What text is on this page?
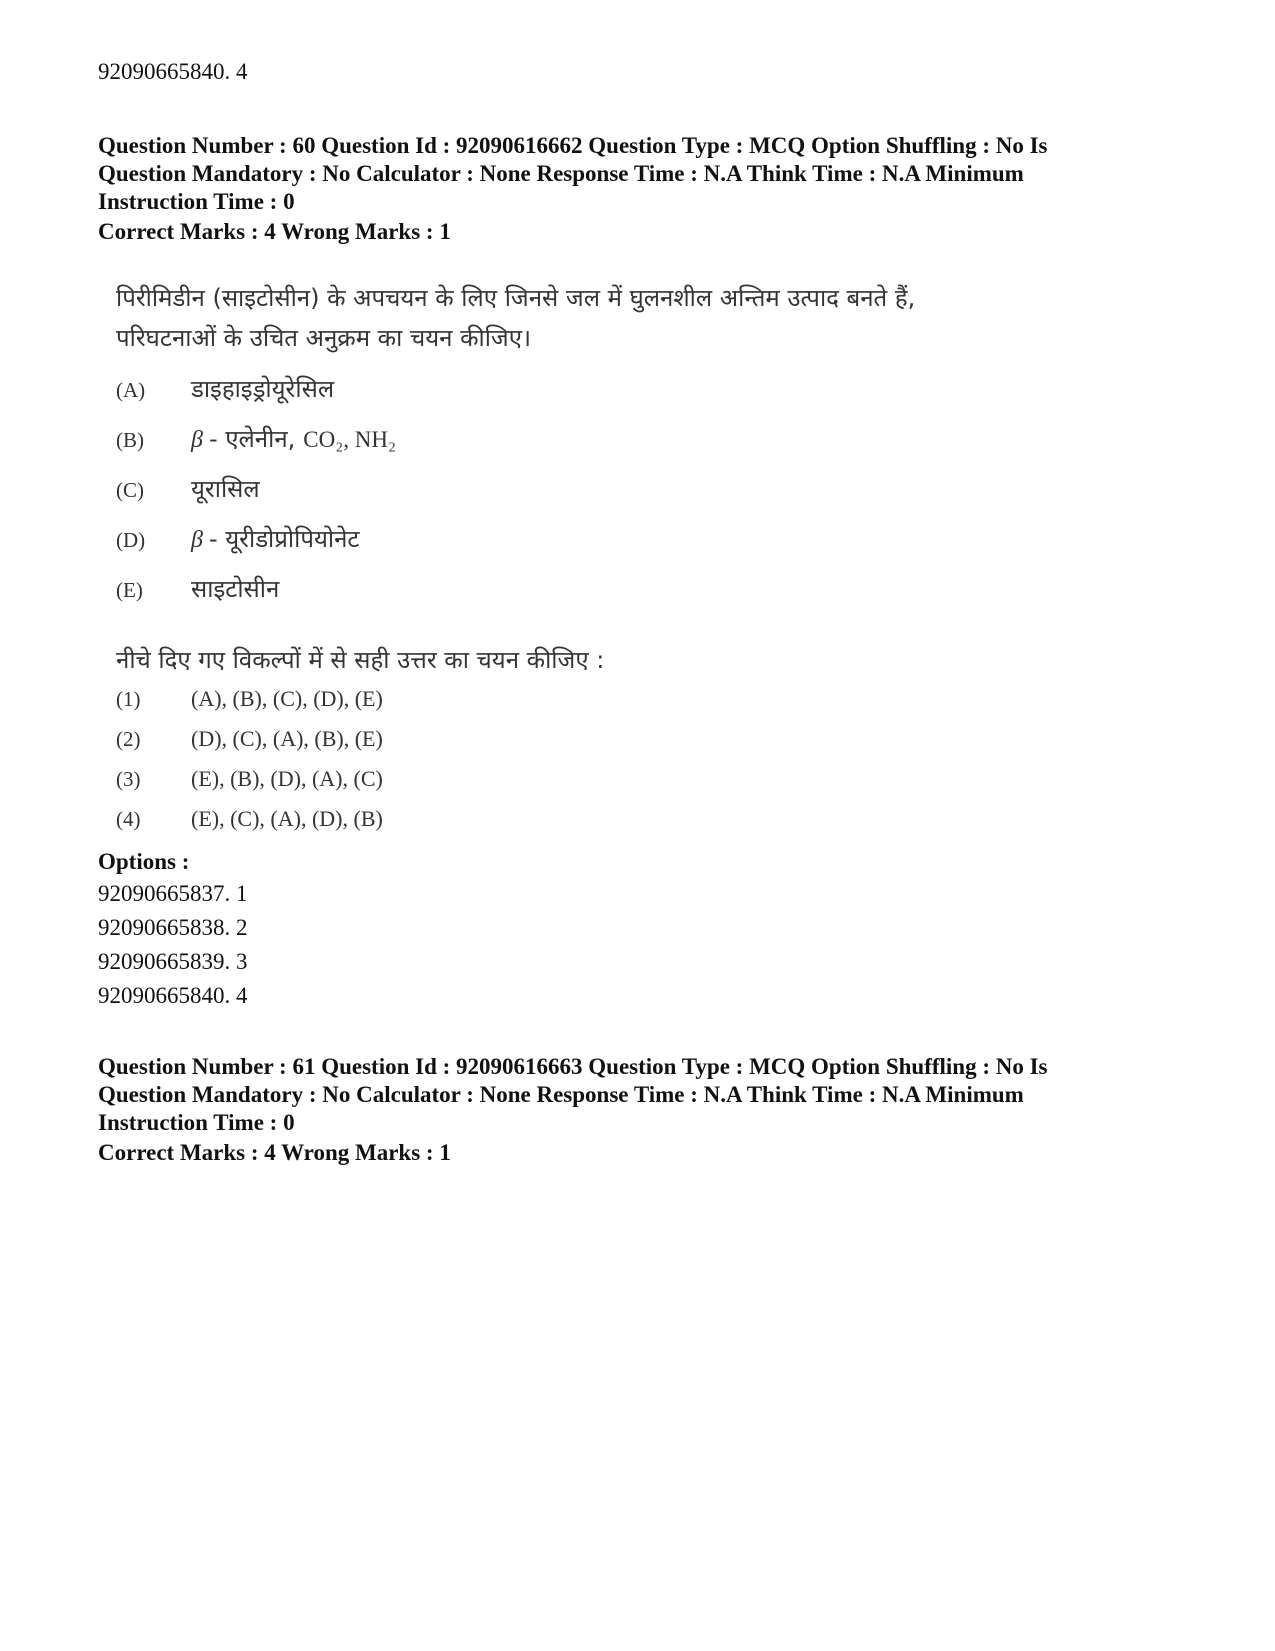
92090665840. 4
Question Number : 60 Question Id : 92090616662 Question Type : MCQ Option Shuffling : No Is
Question Mandatory : No Calculator : None Response Time : N.A Think Time : N.A Minimum
Instruction Time : 0
Correct Marks : 4 Wrong Marks : 1
पिरीमिडीन (साइटोसीन) के अपचयन के लिए जिनसे जल में घुलनशील अन्तिम उत्पाद बनते हैं,
परिघटनाओं के उचित अनुक्रम का चयन कीजिए।
(A)	डाइहाइड्रोयूरेसिल
(B)	β - एलेनीन, CO₂, NH₂
(C)	यूरासिल
(D)	β - यूरीडोप्रोपियोनेट
(E)	साइटोसीन
नीचे दिए गए विकल्पों में से सही उत्तर का चयन कीजिए :
(1)	(A), (B), (C), (D), (E)
(2)	(D), (C), (A), (B), (E)
(3)	(E), (B), (D), (A), (C)
(4)	(E), (C), (A), (D), (B)
Options :
92090665837. 1
92090665838. 2
92090665839. 3
92090665840. 4
Question Number : 61 Question Id : 92090616663 Question Type : MCQ Option Shuffling : No Is
Question Mandatory : No Calculator : None Response Time : N.A Think Time : N.A Minimum
Instruction Time : 0
Correct Marks : 4 Wrong Marks : 1
